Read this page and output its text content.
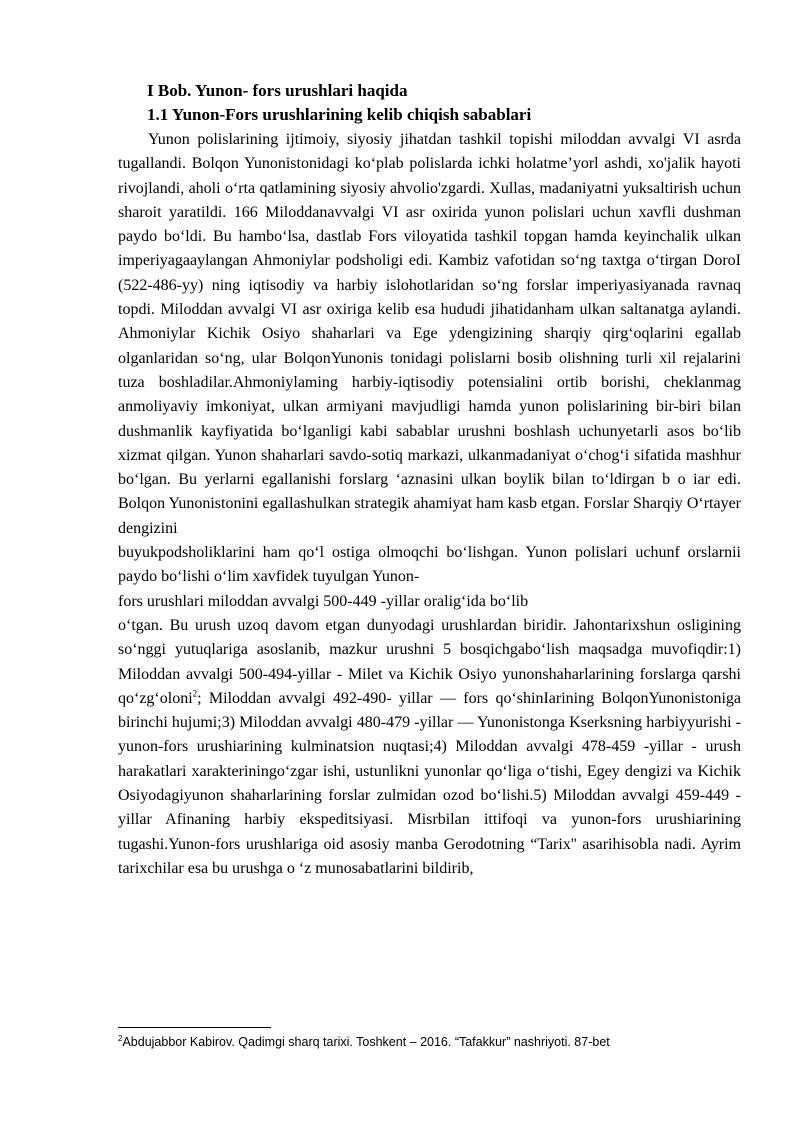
I Bob. Yunon- fors urushlari haqida
1.1 Yunon-Fors urushlarining kelib chiqish sabablari

Yunon polislarining ijtimoiy, siyosiy jihatdan tashkil topishi miloddan avvalgi VI asrda tugallandi. Bolqon Yunonistonidagi ko‘plab polislarda ichki holatme’yorl ashdi, xo'jalik hayoti rivojlandi, aholi o‘rta qatlamining siyosiy ahvolio'zgardi. Xullas, madaniyatni yuksaltirish uchun sharoit yaratildi. 166 Miloddanavvalgi VI asr oxirida yunon polislari uchun xavfli dushman paydo bo‘ldi. Bu hambo‘lsa, dastlab Fors viloyatida tashkil topgan hamda keyinchalik ulkan imperiyagaaylangan Ahmoniylar podsholigi edi. Kambiz vafotidan so‘ng taxtga o‘tirgan DoroI (522-486-yy) ning iqtisodiy va harbiy islohotlaridan so‘ng forslar imperiyasiyanada ravnaq topdi. Miloddan avvalgi VI asr oxiriga kelib esa hududi jihatidanham ulkan saltanatga aylandi. Ahmoniylar Kichik Osiyo shaharlari va Ege ydengizining sharqiy qirg‘oqlarini egallab olganlaridan so‘ng, ular BolqonYunonis tonidagi polislarni bosib olishning turli xil rejalarini tuza boshladilar.Ahmoniylaming harbiy-iqtisodiy potensialini ortib borishi, cheklanmag anmoliyaviy imkoniyat, ulkan armiyani mavjudligi hamda yunon polislarining bir-biri bilan dushmanlik kayfiyatida bo‘lganligi kabi sabablar urushni boshlash uchunyetarli asos bo‘lib xizmat qilgan. Yunon shaharlari savdo-sotiq markazi, ulkanmadaniyat o‘chog‘i sifatida mashhur bo‘lgan. Bu yerlarni egallanishi forslarg ‘aznasini ulkan boylik bilan to‘ldirgan b o iar edi. Bolqon Yunonistonini egallashulkan strategik ahamiyat ham kasb etgan. Forslar Sharqiy O‘rtayer dengizini

buyukpodsholiklarini ham qo‘l ostiga olmoqchi bo‘lishgan. Yunon polislari uchunf orslarnii paydo bo‘lishi o‘lim xavfidek tuyulgan Yunon-

fors urushlari miloddan avvalgi 500-449 -yillar oralig‘ida bo‘lib

o‘tgan. Bu urush uzoq davom etgan dunyodagi urushlardan biridir. Jahontarixshun osligining so‘nggi yutuqlariga asoslanib, mazkur urushni 5 bosqichgabo‘lish maqsadga muvofiqdir:1) Miloddan avvalgi 500-494-yillar - Milet va Kichik Osiyo yunonshaharlarining forslarga qarshi qo‘zg‘oloni$^2$; Miloddan avvalgi 492-490- yillar — fors qo‘shinIarining BolqonYunonistoniga birinchi hujumi;3) Miloddan avvalgi 480-479 -yillar — Yunonistonga Kserksning harbiyyurishi - yunon-fors urushiarining kulminatsion nuqtasi;4) Miloddan avvalgi 478-459 -yillar - urush harakatlari xarakteriningo‘zgar ishi, ustunlikni yunonlar qo‘liga o‘tishi, Egey dengizi va Kichik Osiyodagiyunon shaharlarining forslar zulmidan ozod bo‘lishi.5) Miloddan avvalgi 459-449 -yillar Afinaning harbiy ekspeditsiyasi. Misrbilan ittifoqi va yunon-fors urushiarining tugashi.Yunon-fors urushlariga oid asosiy manba Gerodotning “Tarix'' asarihisobla nadi. Ayrim tarixchilar esa bu urushga o ‘z munosabatlarini bildirib,

$^2$Abdujabbor Kabirov. Qadimgi sharq tarixi. Toshkent – 2016. “Tafakkur” nashriyoti. 87-bet
